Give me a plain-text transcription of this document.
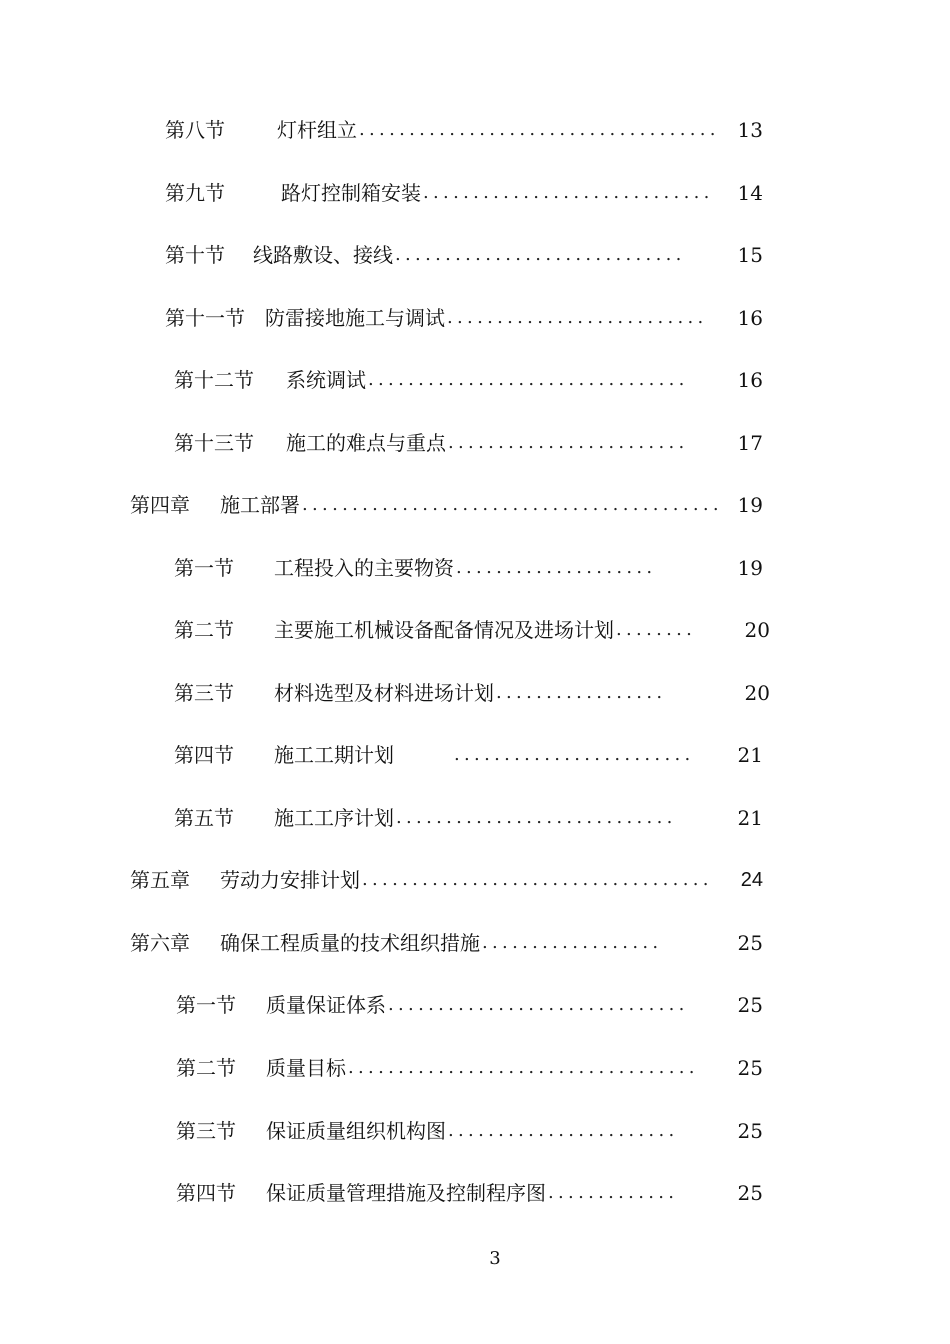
第八节	灯杆组立 .................................... 13
第九节	路灯控制箱安装 .............................	14
第十节	线路敷设、接线 .............................	15
第十一节	防雷接地施工与调试 ..........................	16
第十二节	系统调试 ................................	16
第十三节	施工的难点与重点 ........................	17
第四章	施工部署 .......................................... 19
第一节	工程投入的主要物资 ....................	19
第二节	主要施工机械设备配备情况及进场计划 ........	20
第三节	材料选型及材料进场计划 .................	20
第四节	施工工期计划	........................	21
第五节	施工工序计划 ............................	21
第五章	劳动力安排计划 ...................................	24
第六章	确保工程质量的技术组织措施 ..................	25
第一节	质量保证体系 ..............................	25
第二节	质量目标 ...................................	25
第三节	保证质量组织机构图 .......................	25
第四节	保证质量管理措施及控制程序图 .............	25
3
